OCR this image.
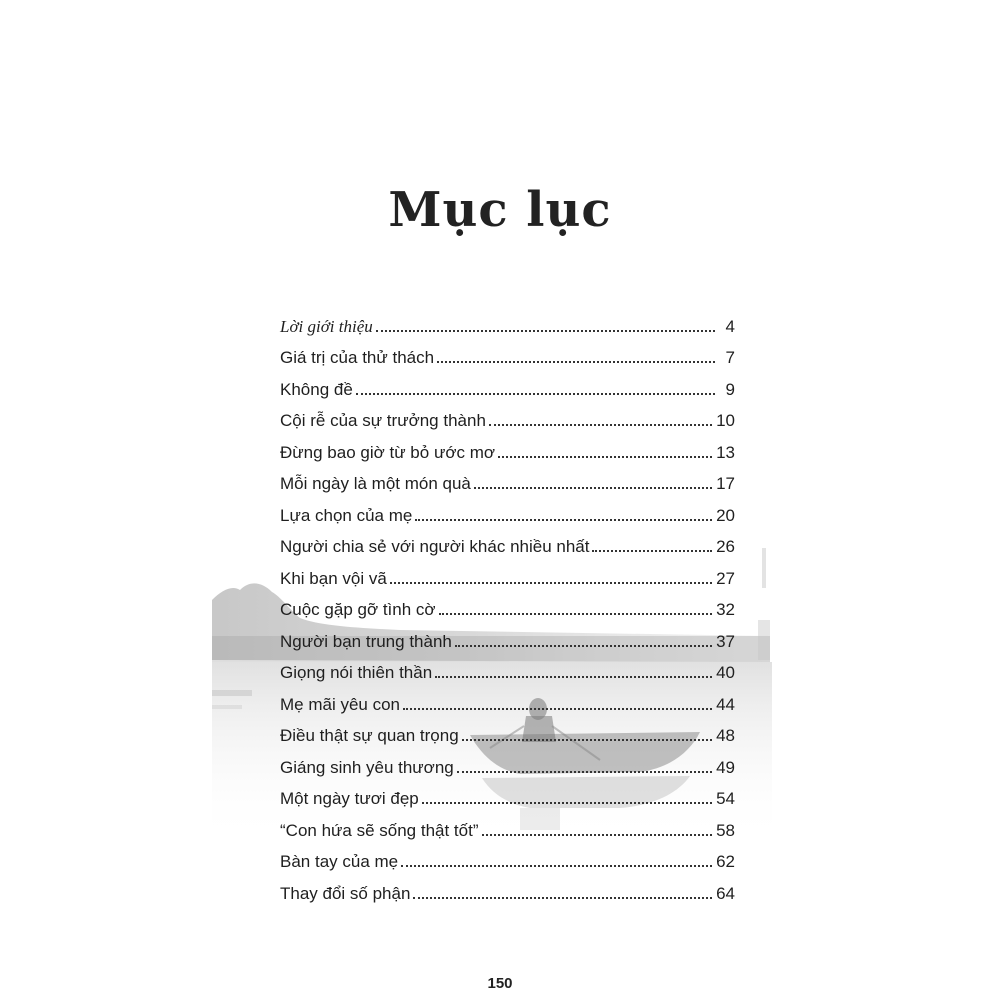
Mục lục
Lời giới thiệu	4
Giá trị của thử thách	7
Không đề	9
Cội rễ của sự trưởng thành	10
Đừng bao giờ từ bỏ ước mơ	13
Mỗi ngày là một món quà	17
Lựa chọn của mẹ	20
Người chia sẻ với người khác nhiều nhất	26
Khi bạn vội vã	27
Cuộc gặp gỡ tình cờ	32
Người bạn trung thành	37
Giọng nói thiên thần	40
Mẹ mãi yêu con	44
Điều thật sự quan trọng	48
Giáng sinh yêu thương	49
Một ngày tươi đẹp	54
“Con hứa sẽ sống thật tốt”	58
Bàn tay của mẹ	62
Thay đổi số phận	64
150
